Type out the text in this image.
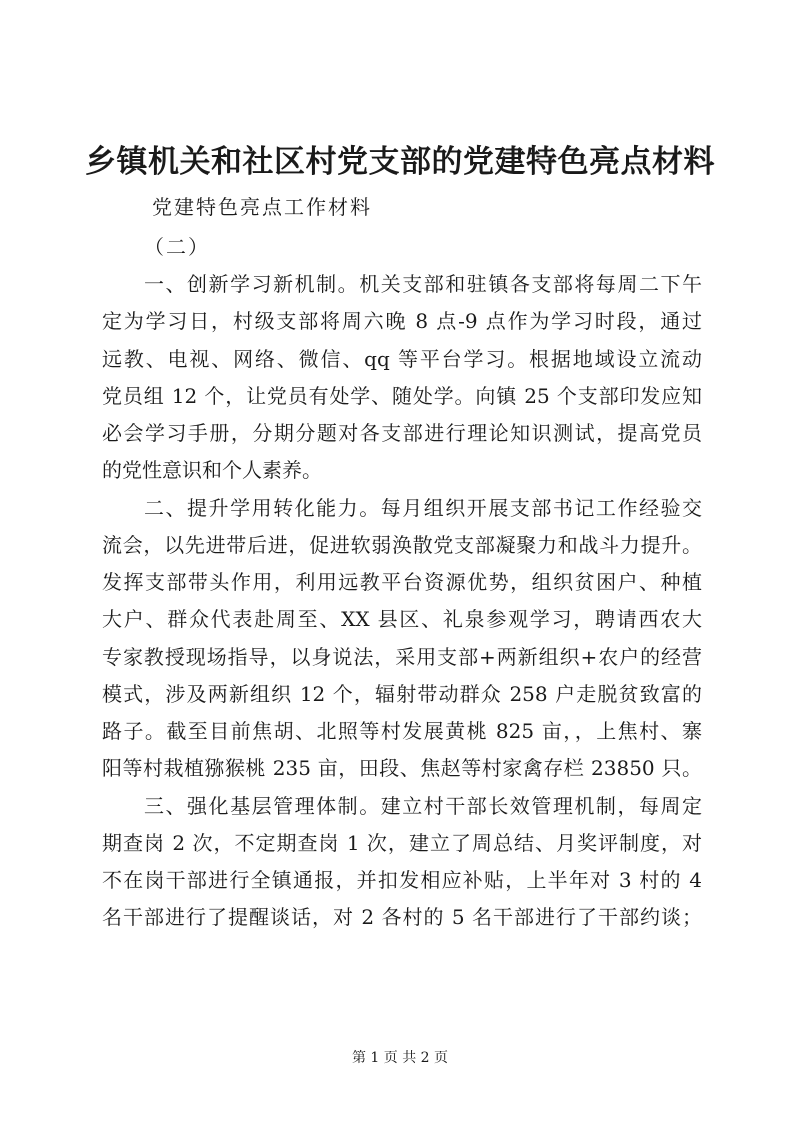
乡镇机关和社区村党支部的党建特色亮点材料
党建特色亮点工作材料
（二）
一、创新学习新机制。机关支部和驻镇各支部将每周二下午
定为学习日，村级支部将周六晚 8 点-9 点作为学习时段，通过
远教、电视、网络、微信、qq 等平台学习。根据地域设立流动
党员组 12 个，让党员有处学、随处学。向镇 25 个支部印发应知
必会学习手册，分期分题对各支部进行理论知识测试，提高党员
的党性意识和个人素养。
二、提升学用转化能力。每月组织开展支部书记工作经验交
流会，以先进带后进，促进软弱涣散党支部凝聚力和战斗力提升。
发挥支部带头作用，利用远教平台资源优势，组织贫困户、种植
大户、群众代表赴周至、XX 县区、礼泉参观学习，聘请西农大
专家教授现场指导，以身说法，采用支部+两新组织+农户的经营
模式，涉及两新组织 12 个，辐射带动群众 258 户走脱贫致富的
路子。截至目前焦胡、北照等村发展黄桃 825 亩，，上焦村、寨
阳等村栽植猕猴桃 235 亩，田段、焦赵等村家禽存栏 23850 只。
三、强化基层管理体制。建立村干部长效管理机制，每周定
期查岗 2 次，不定期查岗 1 次，建立了周总结、月奖评制度，对
不在岗干部进行全镇通报，并扣发相应补贴，上半年对 3 村的 4
名干部进行了提醒谈话，对 2 各村的 5 名干部进行了干部约谈；
第 1 页 共 2 页
